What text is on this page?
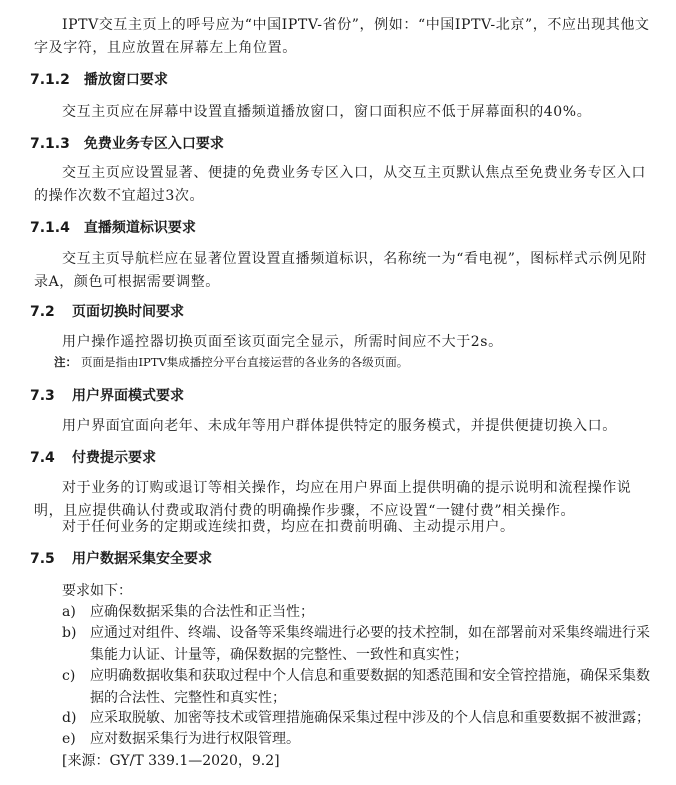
IPTV交互主页上的呼号应为“中国IPTV-省份”，例如：“中国IPTV-北京”，不应出现其他文字及字符，且应放置在屏幕左上角位置。

7.1.2 播放窗口要求

交互主页应在屏幕中设置直播频道播放窗口，窗口面积应不低于屏幕面积的40%。

7.1.3 免费业务专区入口要求

交互主页应设置显著、便捷的免费业务专区入口，从交互主页默认焦点至免费业务专区入口的操作次数不宜超过3次。

7.1.4 直播频道标识要求

交互主页导航栏应在显著位置设置直播频道标识，名称统一为“看电视”，图标样式示例见附录A，颜色可根据需要调整。

7.2 页面切换时间要求

用户操作遥控器切换页面至该页面完全显示，所需时间应不大于2s。

注： 页面是指由IPTV集成播控分平台直接运营的各业务的各级页面。

7.3 用户界面模式要求

用户界面宜面向老年、未成年等用户群体提供特定的服务模式，并提供便捷切换入口。

7.4 付费提示要求

对于业务的订购或退订等相关操作，均应在用户界面上提供明确的提示说明和流程操作说明，且应提供确认付费或取消付费的明确操作步骤，不应设置“一键付费”相关操作。

对于任何业务的定期或连续扣费，均应在扣费前明确、主动提示用户。

7.5 用户数据采集安全要求

要求如下：

a) 应确保数据采集的合法性和正当性；

b) 应通过对组件、终端、设备等采集终端进行必要的技术控制，如在部署前对采集终端进行采集能力认证、计量等，确保数据的完整性、一致性和真实性；

c) 应明确数据收集和获取过程中个人信息和重要数据的知悉范围和安全管控措施，确保采集数据的合法性、完整性和真实性；

d) 应采取脱敏、加密等技术或管理措施确保采集过程中涉及的个人信息和重要数据不被泄露；

e) 应对数据采集行为进行权限管理。

[来源：GY/T 339.1—2020，9.2]
